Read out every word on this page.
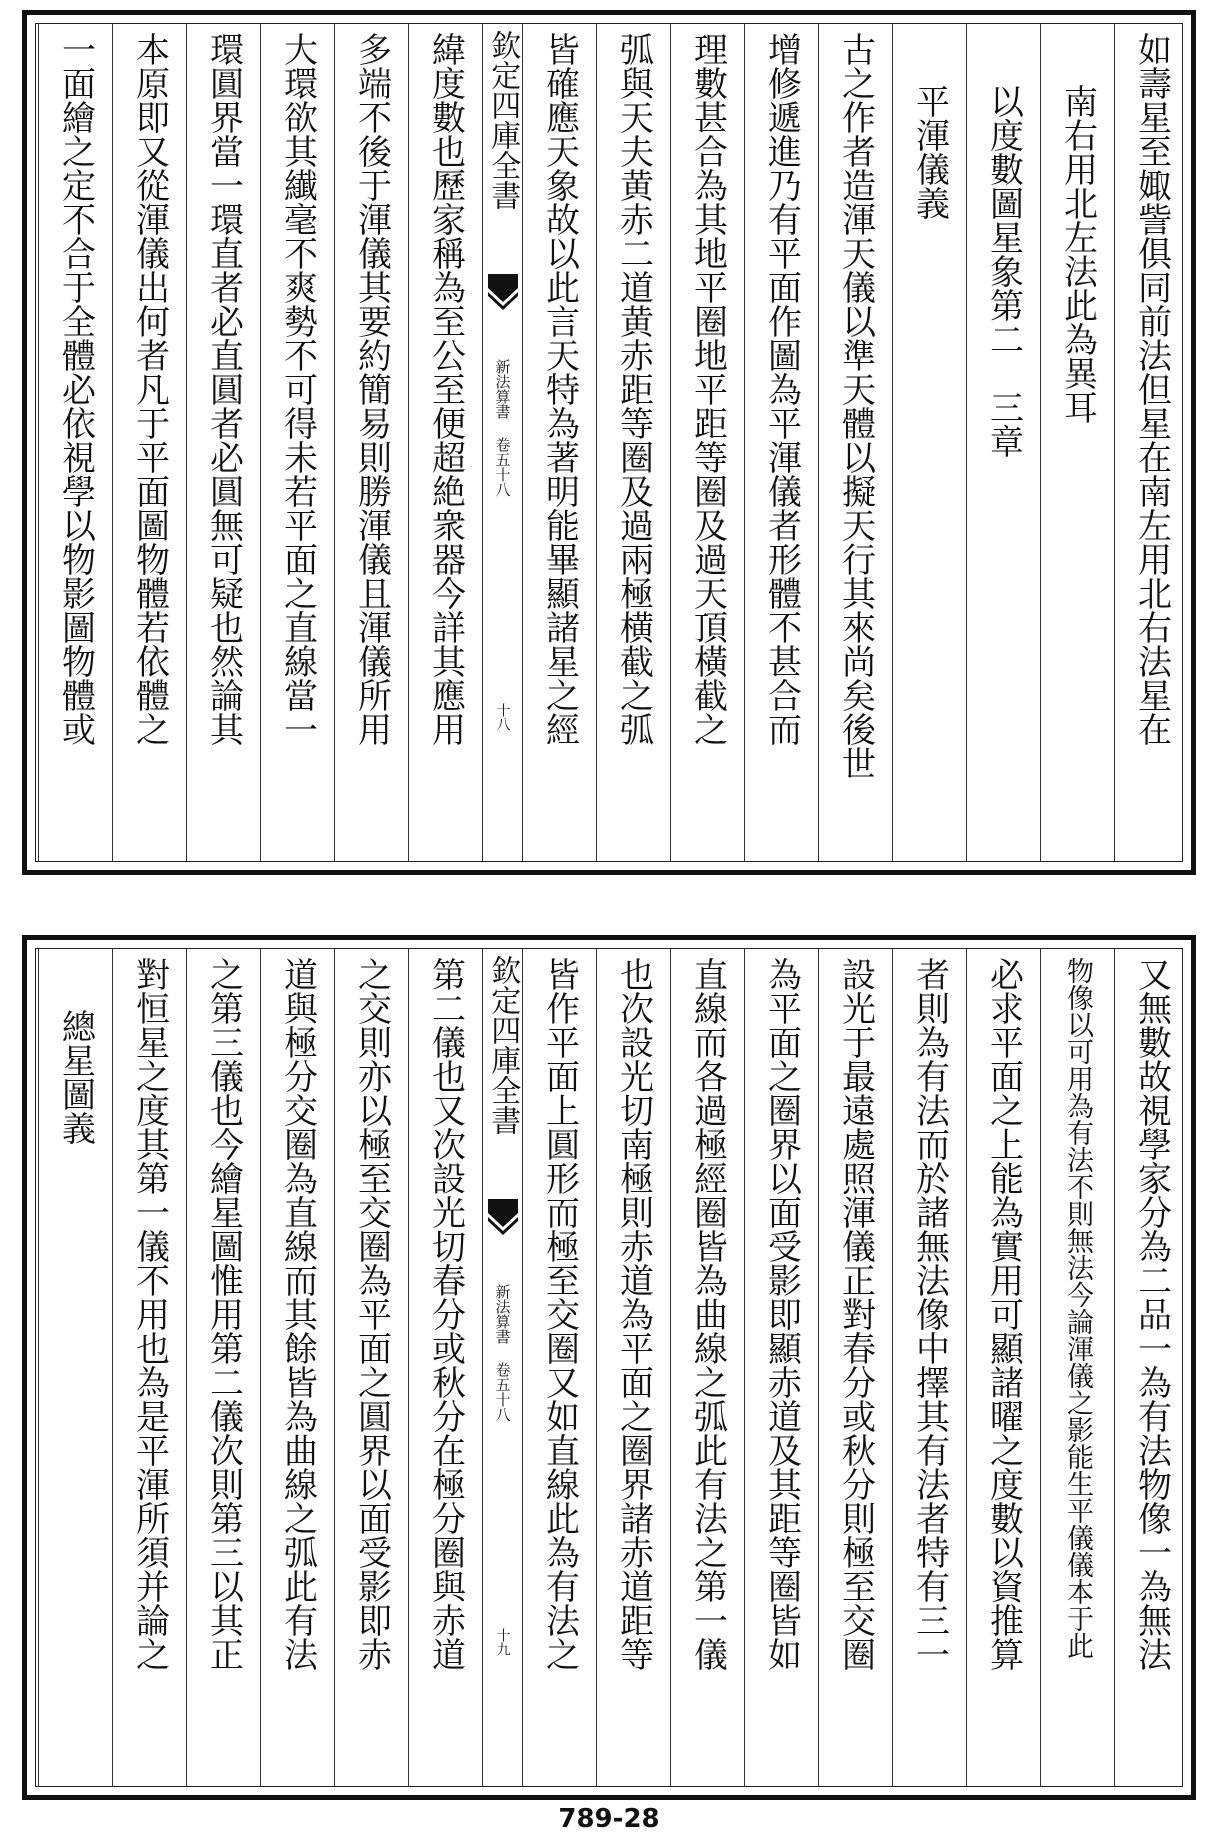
如壽星至娵訾俱同前法但星在南左用北右法星在
南右用北左法此為異耳
以度數圖星象第二　三章
平渾儀義
古之作者造渾天儀以準天體以擬天行其來尚矣後世
增修遞進乃有平面作圖為平渾儀者形體不甚合而
理數甚合為其地平圈地平距等圈及過天頂橫截之
弧與天夫黄赤二道黄赤距等圈及過兩極横截之弧
皆確應天象故以此言天特為著明能畢顯諸星之經
欽定四庫全書
新法算書 卷五十八
十八
緯度數也歷家稱為至公至便超絶衆器今詳其應用
多端不後于渾儀其要約簡易則勝渾儀且渾儀所用
大環欲其纎毫不爽勢不可得未若平面之直線當一
環圓界當一環直者必直圓者必圓無可疑也然論其
本原即又從渾儀出何者凡于平面圖物體若依體之
一面繪之定不合于全體必依視學以物影圖物體或
又無數故視學家分為二品一為有法物像一為無法
物像以可用為有法不則無法今論渾儀之影能生平儀儀本于此
必求平面之上能為實用可顯諸曜之度數以資推算
者則為有法而於諸無法像中擇其有法者特有三一
設光于最遠處照渾儀正對春分或秋分則極至交圈
為平面之圈界以面受影即顯赤道及其距等圈皆如
直線而各過極經圈皆為曲線之弧此有法之第一儀
也次設光切南極則赤道為平面之圈界諸赤道距等
皆作平面上圓形而極至交圈又如直線此為有法之
欽定四庫全書
新法算書 卷五十八
十九
第二儀也又次設光切春分或秋分在極分圈與赤道
之交則亦以極至交圈為平面之圓界以面受影即赤
道與極分交圈為直線而其餘皆為曲線之弧此有法
之第三儀也今繪星圖惟用第二儀次則第三以其正
對恒星之度其第一儀不用也為是平渾所須并論之
總星圖義
789-28
